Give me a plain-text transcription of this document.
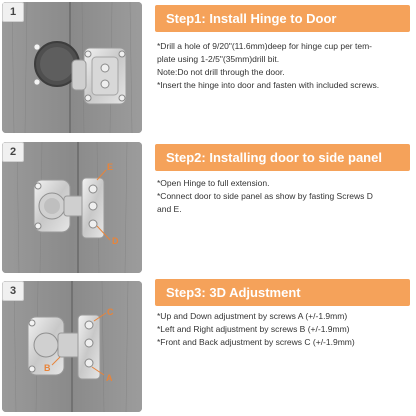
1	Step1: Install Hinge to Door

*Drill a hole of 9/20"(11.6mm)deep for hinge cup per tem-

plate using 1-2/5"(35mm)drill bit.

Note:Do not drill through the door.

*Insert the hinge into door and fasten with included screws.

2
E
D
Step2: Installing door to side panel

*Open Hinge to full extension.

*Connect door to side panel as show by fasting Screws D

and E.

3
C
B
A
Step3: 3D Adjustment

*Up and Down adjustment by screws A (+/-1.9mm)

*Left and Right adjustment by screws B (+/-1.9mm)

*Front and Back adjustment by screws C (+/-1.9mm)
